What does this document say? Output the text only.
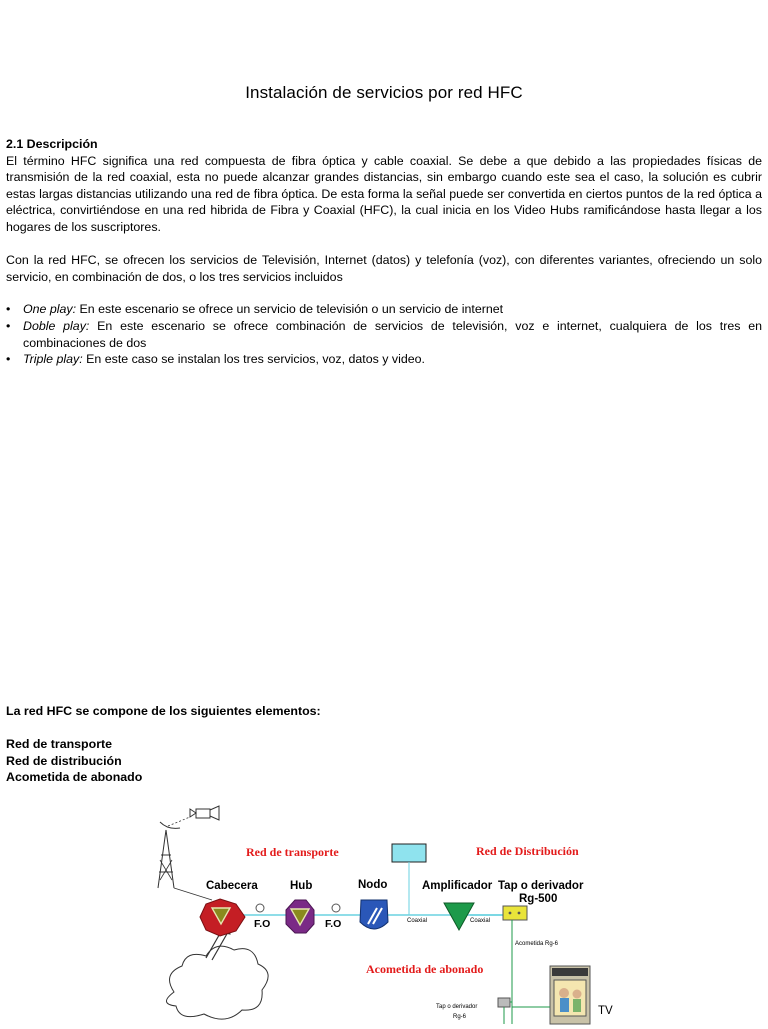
Instalación de servicios por red HFC

2.1 Descripción

El término HFC significa una red compuesta de fibra óptica y cable coaxial. Se debe a que debido a las propiedades físicas de transmisión de la red coaxial, esta no puede alcanzar grandes distancias, sin embargo cuando este sea el caso, la solución es cubrir estas largas distancias utilizando una red de fibra óptica. De esta forma la señal puede ser convertida en ciertos puntos de la red óptica a eléctrica, convirtiéndose en una red hibrida de Fibra y Coaxial (HFC), la cual inicia en los Video Hubs ramificándose hasta llegar a los hogares de los suscriptores.

Con la red HFC, se ofrecen los servicios de Televisión, Internet (datos) y telefonía (voz), con diferentes variantes, ofreciendo un solo servicio, en combinación de dos, o los tres servicios incluidos

• One play: En este escenario se ofrece un servicio de televisión o un servicio de internet
• Doble play: En este escenario se ofrece combinación de servicios de televisión, voz e internet, cualquiera de los tres en combinaciones de dos
• Triple play: En este caso se instalan los tres servicios, voz, datos y video.

La red HFC se compone de los siguientes elementos:

Red de transporte

Red de distribución

Acometida de abonado

Red de transporte	Red de Distribución
Acometida de abonado
Cabecera	Hub	Nodo	Amplificador Tap o derivador
Rg-500
F.O	F.O	Coaxial	Coaxial
Acometida Rg-6
Tap o derivador
Rg-6	TV
